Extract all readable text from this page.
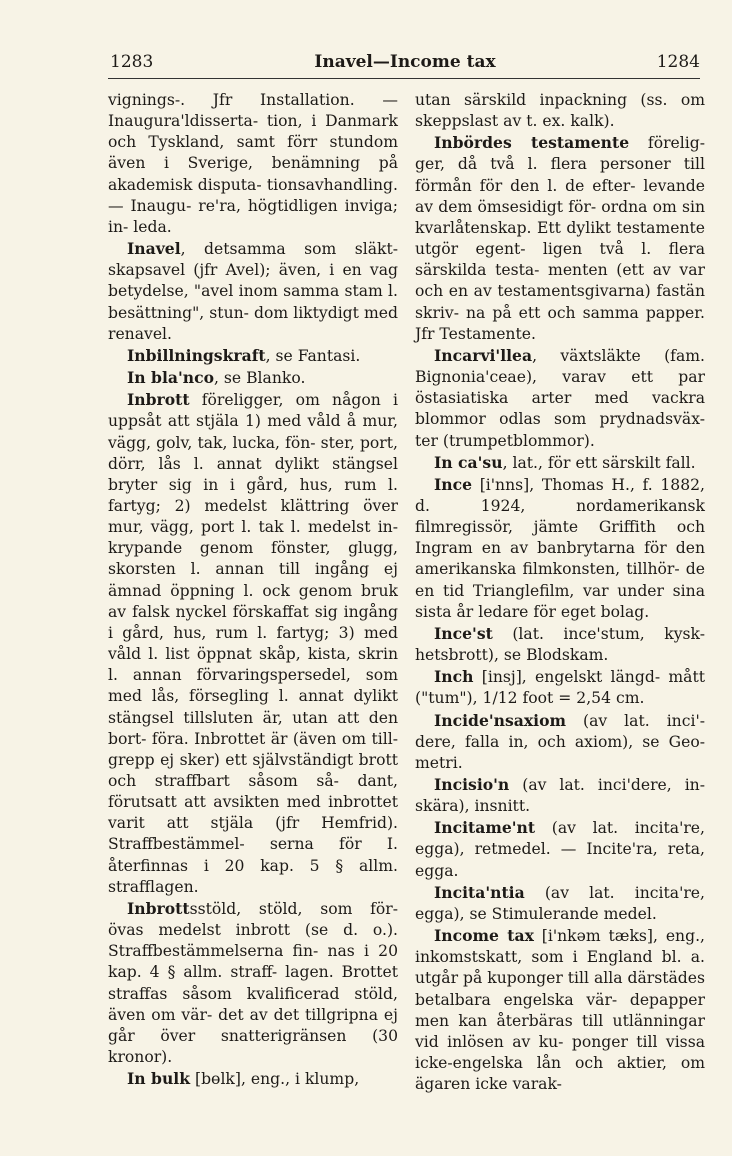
1283	Inavel—Income tax	1284

vignings-. Jfr Installation. — Inaugura'ldisserta- tion, i Danmark och Tyskland, samt förr stundom även i Sverige, benämning på akademisk disputa- tionsavhandling. — Inaugu- re'ra, högtidligen inviga; in- leda.

Inavel, detsamma som släkt- skapsavel (jfr Avel); även, i en vag betydelse, "avel inom samma stam l. besättning", stun- dom liktydigt med renavel.

Inbillningskraft, se Fantasi.

In bla'nco, se Blanko.

Inbrott föreligger, om någon i uppsåt att stjäla 1) med våld å mur, vägg, golv, tak, lucka, fön- ster, port, dörr, lås l. annat dylikt stängsel bryter sig in i gård, hus, rum l. fartyg; 2) medelst klättring över mur, vägg, port l. tak l. medelst in- krypande genom fönster, glugg, skorsten l. annan till ingång ej ämnad öppning l. ock genom bruk av falsk nyckel förskaffat sig ingång i gård, hus, rum l. fartyg; 3) med våld l. list öppnat skåp, kista, skrin l. annan förvaringspersedel, som med lås, försegling l. annat dylikt stängsel tillsluten är, utan att den bort- föra. Inbrottet är (även om till- grepp ej sker) ett självständigt brott och straffbart såsom så- dant, förutsatt att avsikten med inbrottet varit att stjäla (jfr Hemfrid). Straffbestämmel- serna för I. återfinnas i 20 kap. 5 § allm. strafflagen.

Inbrottsstöld, stöld, som för- övas medelst inbrott (se d. o.). Straffbestämmelserna fin- nas i 20 kap. 4 § allm. straff- lagen. Brottet straffas såsom kvalificerad stöld, även om vär- det av det tillgripna ej går över snatterigränsen (30 kronor).

In bulk [bɵlk], eng., i klump,

utan särskild inpackning (ss. om skeppslast av t. ex. kalk).

Inbördes testamente förelig- ger, då två l. flera personer till förmån för den l. de efter- levande av dem ömsesidigt för- ordna om sin kvarlåtenskap. Ett dylikt testamente utgör egent- ligen två l. flera särskilda testa- menten (ett av var och en av testamentsgivarna) fastän skriv- na på ett och samma papper. Jfr Testamente.

Incarvi'llea, växtsläkte (fam. Bignonia'ceae), varav ett par östasiatiska arter med vackra blommor odlas som prydnadsväx- ter (trumpetblommor).

In ca'su, lat., för ett särskilt fall.

Ince [i'nns], Thomas H., f. 1882, d. 1924, nordamerikansk filmregissör, jämte Griffith och Ingram en av banbrytarna för den amerikanska filmkonsten, tillhör- de en tid Trianglefilm, var under sina sista år ledare för eget bolag.

Ince'st (lat. ince'stum, kysk- hetsbrott), se Blodskam.

Inch [insj], engelskt längd- mått ("tum"), 1/12 foot = 2,54 cm.

Incide'nsaxiom (av lat. inci'- dere, falla in, och axiom), se Geo- metri.

Incisio'n (av lat. inci'dere, in- skära), insnitt.

Incitame'nt (av lat. incita're, egga), retmedel. — Incite'ra, reta, egga.

Incita'ntia (av lat. incita're, egga), se Stimulerande medel.

Income tax [i'nkəm tæks], eng., inkomstskatt, som i England bl. a. utgår på kuponger till alla därstädes betalbara engelska vär- depapper men kan återbäras till utlänningar vid inlösen av ku- ponger till vissa icke-engelska lån och aktier, om ägaren icke varak-
